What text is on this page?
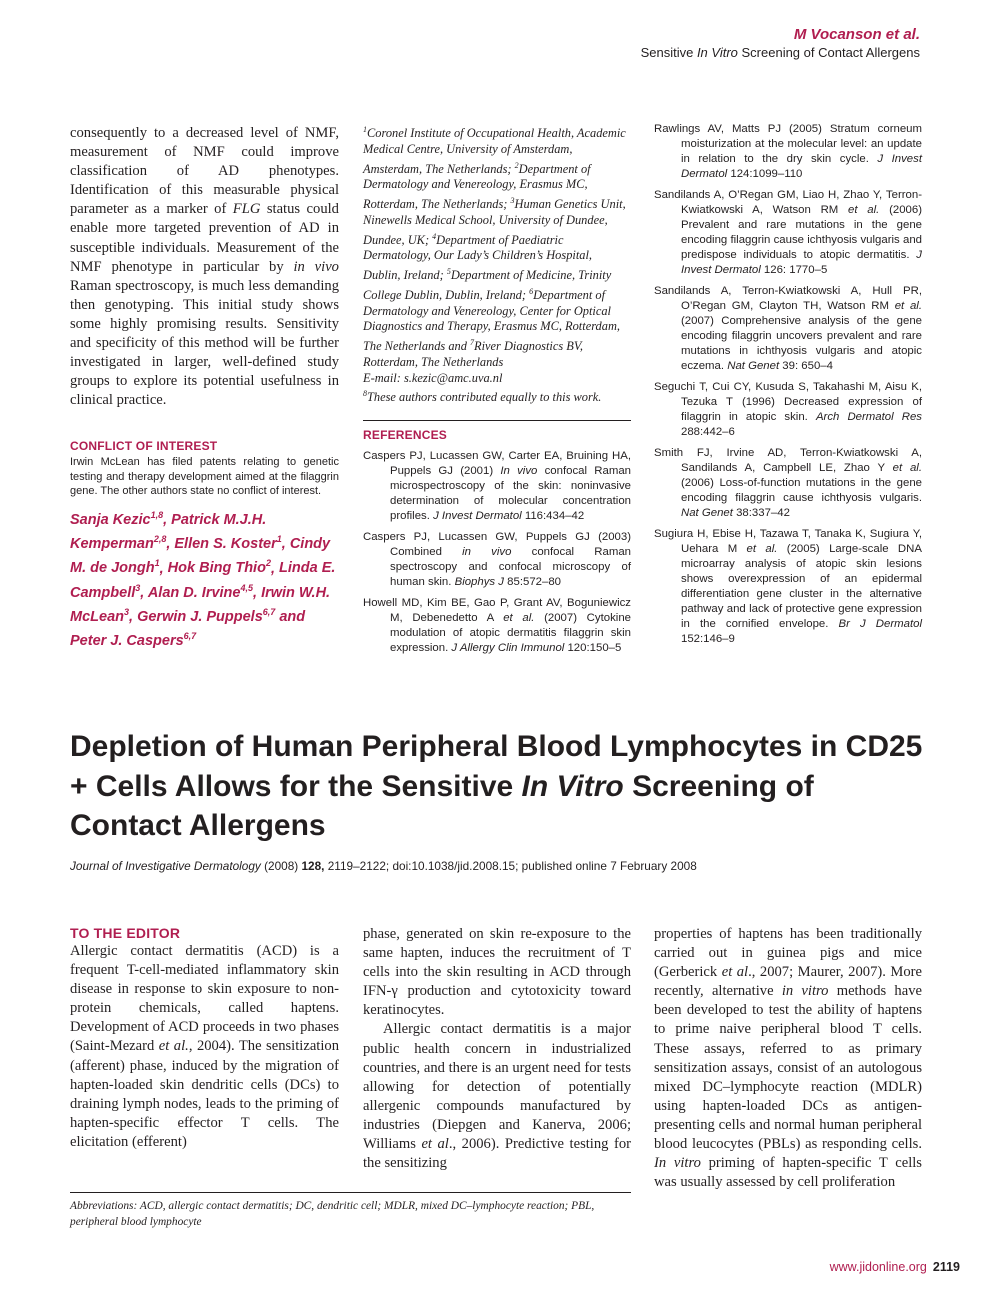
M Vocanson et al.
Sensitive In Vitro Screening of Contact Allergens

consequently to a decreased level of NMF, measurement of NMF could improve classification of AD phenotypes. Identification of this measurable physical parameter as a marker of FLG status could enable more targeted prevention of AD in susceptible individuals. Measurement of the NMF phenotype in particular by in vivo Raman spectroscopy, is much less demanding then genotyping. This initial study shows some highly promising results. Sensitivity and specificity of this method will be further investigated in larger, well-defined study groups to explore its potential usefulness in clinical practice.

CONFLICT OF INTEREST
Irwin McLean has filed patents relating to genetic testing and therapy development aimed at the filaggrin gene. The other authors state no conflict of interest.
Sanja Kezic$^{1,8}$, Patrick M.J.H. Kemperman$^{2,8}$, Ellen S. Koster$^1$, Cindy M. de Jongh$^1$, Hok Bing Thio$^2$, Linda E. Campbell$^3$, Alan D. Irvine$^{4,5}$, Irwin W.H. McLean$^3$, Gerwin J. Puppels$^{6,7}$ and Peter J. Caspers$^{6,7}$
$^1$Coronel Institute of Occupational Health, Academic Medical Centre, University of Amsterdam, Amsterdam, The Netherlands; $^2$Department of Dermatology and Venereology, Erasmus MC, Rotterdam, The Netherlands; $^3$Human Genetics Unit, Ninewells Medical School, University of Dundee, Dundee, UK; $^4$Department of Paediatric Dermatology, Our Lady’s Children’s Hospital, Dublin, Ireland; $^5$Department of Medicine, Trinity College Dublin, Dublin, Ireland; $^6$Department of Dermatology and Venereology, Center for Optical Diagnostics and Therapy, Erasmus MC, Rotterdam, The Netherlands and $^7$River Diagnostics BV, Rotterdam, The Netherlands
E-mail: s.kezic@amc.uva.nl
$^8$These authors contributed equally to this work.
REFERENCES

Caspers PJ, Lucassen GW, Carter EA, Bruining HA, Puppels GJ (2001) In vivo confocal Raman microspectroscopy of the skin: noninvasive determination of molecular concentration profiles. J Invest Dermatol 116:434–42

Caspers PJ, Lucassen GW, Puppels GJ (2003) Combined in vivo confocal Raman spectroscopy and confocal microscopy of human skin. Biophys J 85:572–80

Howell MD, Kim BE, Gao P, Grant AV, Boguniewicz M, Debenedetto A et al. (2007) Cytokine modulation of atopic dermatitis filaggrin skin expression. J Allergy Clin Immunol 120:150–5

Rawlings AV, Matts PJ (2005) Stratum corneum moisturization at the molecular level: an update in relation to the dry skin cycle. J Invest Dermatol 124:1099–110

Sandilands A, O’Regan GM, Liao H, Zhao Y, Terron-Kwiatkowski A, Watson RM et al. (2006) Prevalent and rare mutations in the gene encoding filaggrin cause ichthyosis vulgaris and predispose individuals to atopic dermatitis. J Invest Dermatol 126: 1770–5

Sandilands A, Terron-Kwiatkowski A, Hull PR, O’Regan GM, Clayton TH, Watson RM et al. (2007) Comprehensive analysis of the gene encoding filaggrin uncovers prevalent and rare mutations in ichthyosis vulgaris and atopic eczema. Nat Genet 39: 650–4

Seguchi T, Cui CY, Kusuda S, Takahashi M, Aisu K, Tezuka T (1996) Decreased expression of filaggrin in atopic skin. Arch Dermatol Res 288:442–6

Smith FJ, Irvine AD, Terron-Kwiatkowski A, Sandilands A, Campbell LE, Zhao Y et al. (2006) Loss-of-function mutations in the gene encoding filaggrin cause ichthyosis vulgaris. Nat Genet 38:337–42

Sugiura H, Ebise H, Tazawa T, Tanaka K, Sugiura Y, Uehara M et al. (2005) Large-scale DNA microarray analysis of atopic skin lesions shows overexpression of an epidermal differentiation gene cluster in the alternative pathway and lack of protective gene expression in the cornified envelope. Br J Dermatol 152:146–9

Depletion of Human Peripheral Blood Lymphocytes in CD25 + Cells Allows for the Sensitive In Vitro Screening of Contact Allergens
Journal of Investigative Dermatology (2008) 128, 2119–2122; doi:10.1038/jid.2008.15; published online 7 February 2008
TO THE EDITOR

Allergic contact dermatitis (ACD) is a frequent T-cell-mediated inflammatory skin disease in response to skin exposure to non-protein chemicals, called haptens. Development of ACD proceeds in two phases (Saint-Mezard et al., 2004). The sensitization (afferent) phase, induced by the migration of hapten-loaded skin dendritic cells (DCs) to draining lymph nodes, leads to the priming of hapten-specific effector T cells. The elicitation (efferent)

phase, generated on skin re-exposure to the same hapten, induces the recruitment of T cells into the skin resulting in ACD through IFN-γ production and cytotoxicity toward keratinocytes.

Allergic contact dermatitis is a major public health concern in industrialized countries, and there is an urgent need for tests allowing for detection of potentially allergenic compounds manufactured by industries (Diepgen and Kanerva, 2006; Williams et al., 2006). Predictive testing for the sensitizing

properties of haptens has been traditionally carried out in guinea pigs and mice (Gerberick et al., 2007; Maurer, 2007). More recently, alternative in vitro methods have been developed to test the ability of haptens to prime naive peripheral blood T cells. These assays, referred to as primary sensitization assays, consist of an autologous mixed DC–lymphocyte reaction (MDLR) using hapten-loaded DCs as antigen-presenting cells and normal human peripheral blood leucocytes (PBLs) as responding cells. In vitro priming of hapten-specific T cells was usually assessed by cell proliferation

Abbreviations: ACD, allergic contact dermatitis; DC, dendritic cell; MDLR, mixed DC–lymphocyte reaction; PBL, peripheral blood lymphocyte
www.jidonline.org 2119
